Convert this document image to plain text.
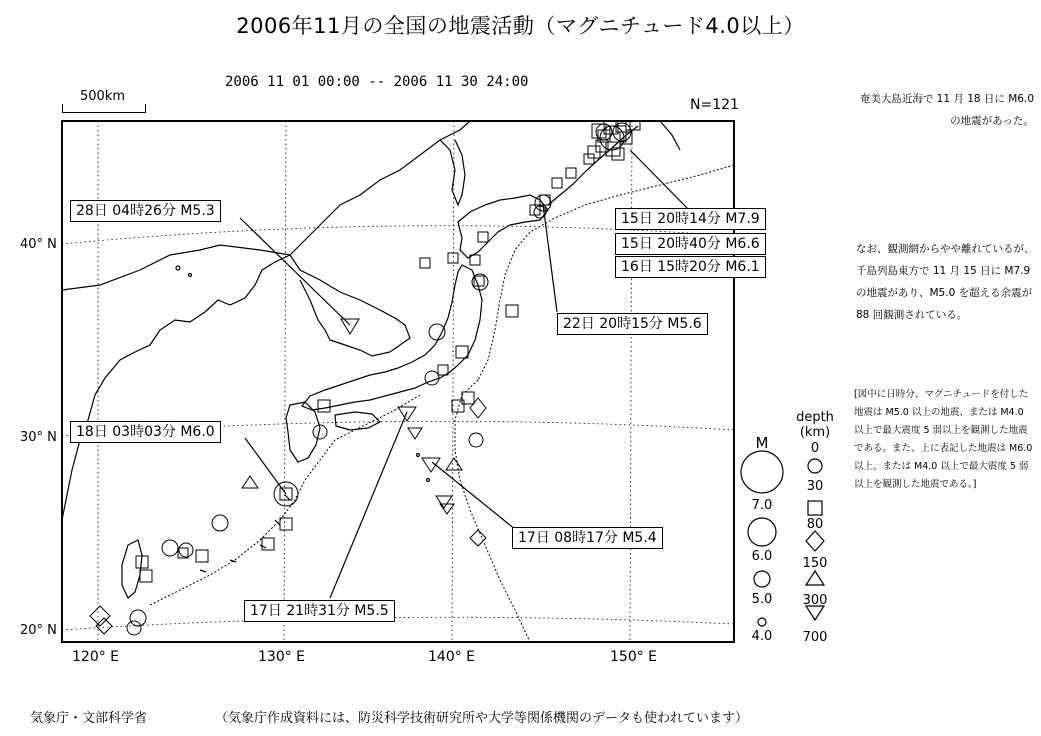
2006年11月の全国の地震活動（マグニチュード4.0以上）
2006 11 01 00:00 -- 2006 11 30 24:00
N=121
500km
40° N
30° N
20° N
120° E	130° E	140° E	150° E
28日 04時26分 M5.3	15日 20時14分 M7.9
15日 20時40分 M6.6
16日 15時20分 M6.1
22日 20時15分 M5.6
18日 03時03分 M6.0
17日 08時17分 M5.4
17日 21時31分 M5.5
M
7.0
6.0
5.0
4.0
depth
(km)
0
30
80
150
300
700
奄美大島近海で 11 月 18 日に M6.0 の地震があった。
なお、観測網からやや離れているが、千島列島東方で 11 月 15 日に M7.9 の地震があり、M5.0 を超える余震が 88 回観測されている。
[図中に日時分、マグニチュードを付した地震は M5.0 以上の地震、または M4.0 以上で最大震度 5 弱以上を観測した地震である。また、上に表記した地震は M6.0 以上、または M4.0 以上で最大震度 5 弱以上を観測した地震である。]
気象庁・文部科学省	（気象庁作成資料には、防災科学技術研究所や大学等関係機関のデータも使われています）
